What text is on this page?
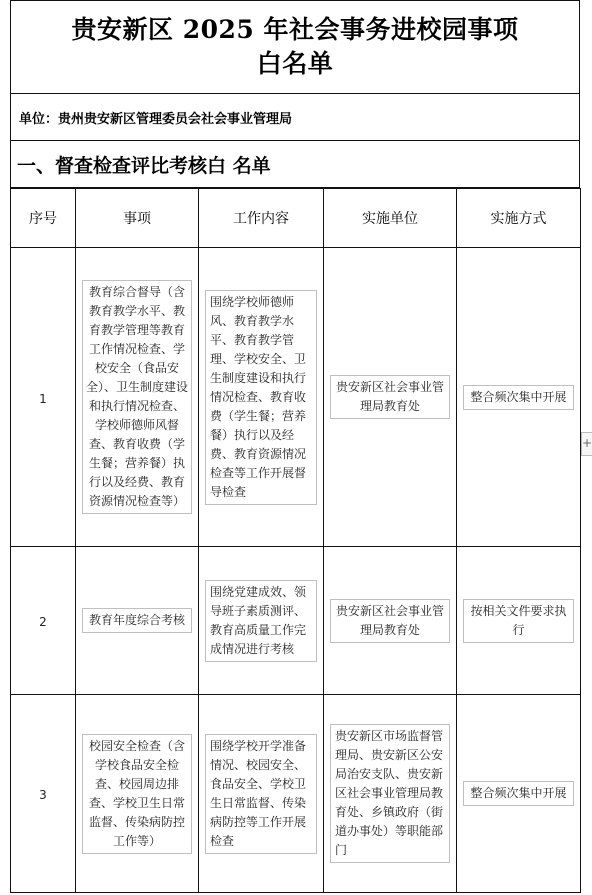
贵安新区 2025 年社会事务进校园事项
白名单
单位：贵州贵安新区管理委员会社会事业管理局
一、督查检查评比考核白 名单
序号	事项	工作内容	实施单位	实施方式
1	教育综合督导（含教育教学水平、教育教学管理等教育工作情况检查、学校安全（食品安全）、卫生制度建设和执行情况检查、学校师德师风督查、教育收费（学生餐；营养餐）执行以及经费、教育资源情况检查等）	围绕学校师德师风、教育教学水平、教育教学管理、学校安全、卫生制度建设和执行情况检查、教育收费（学生餐；营养餐）执行以及经费、教育资源情况检查等工作开展督导检查	贵安新区社会事业管理局教育处	整合频次集中开展

2	教育年度综合考核	围绕党建成效、领导班子素质测评、教育高质量工作完成情况进行考核	贵安新区社会事业管理局教育处	按相关文件要求执行

3	校园安全检查（含学校食品安全检查、校园周边排查、学校卫生日常监督、传染病防控工作等）	围绕学校开学准备情况、校园安全、食品安全、学校卫生日常监督、传染病防控等工作开展检查	贵安新区市场监督管理局、贵安新区公安局治安支队、贵安新区社会事业管理局教育处、乡镇政府（街道办事处）等职能部门	整合频次集中开展
+
